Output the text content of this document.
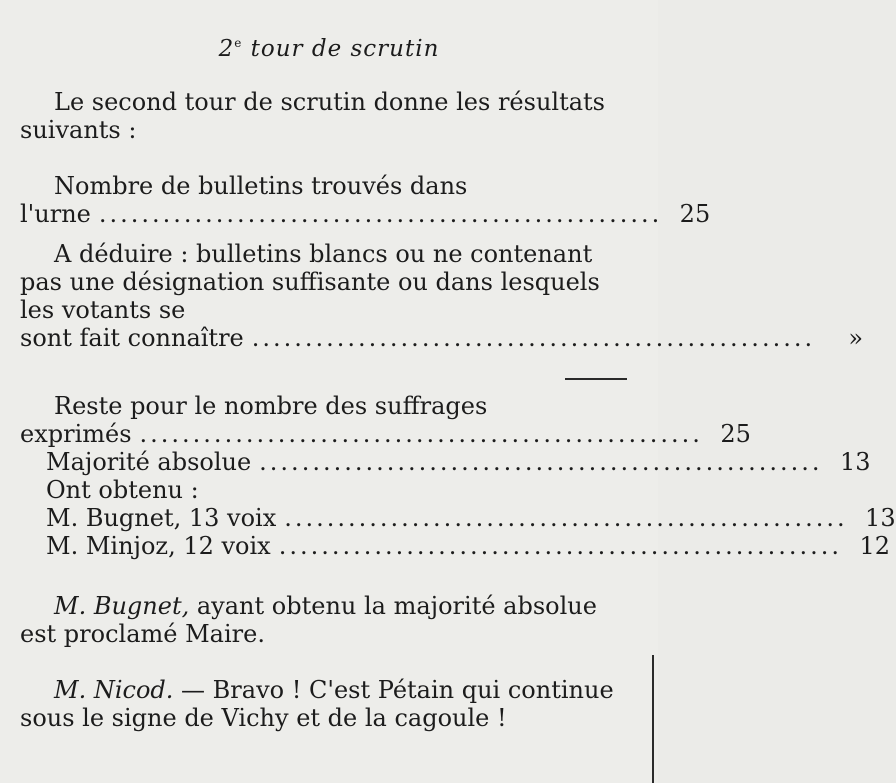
2e tour de scrutin
Le second tour de scrutin donne les résultats suivants :
Nombre de bulletins trouvés dans
l'urne ..................................................... 25
A déduire : bulletins blancs ou ne contenant pas une désignation suffisante ou dans lesquels les votants se
sont fait connaître .....................................................	»
Reste pour le nombre des suffrages
exprimés ..................................................... 25
Majorité absolue ..................................................... 13
Ont obtenu :
M. Bugnet, 13 voix ..................................................... 13
M. Minjoz, 12 voix ..................................................... 12
M. Bugnet, ayant obtenu la majorité absolue est proclamé Maire.
M. Nicod. — Bravo ! C'est Pétain qui continue sous le signe de Vichy et de la cagoule !
